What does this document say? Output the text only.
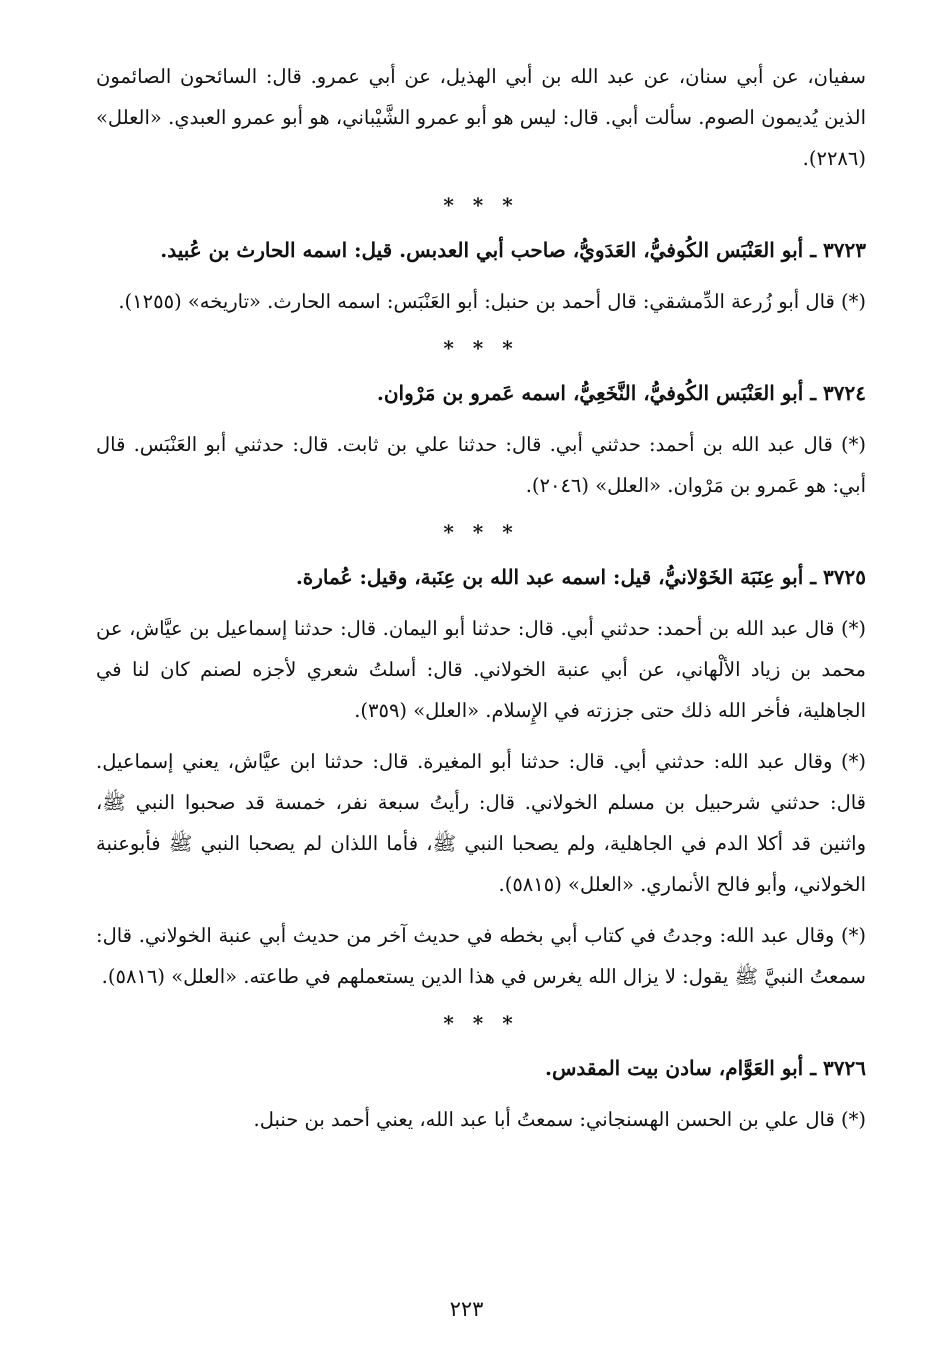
سفيان، عن أبي سنان، عن عبد الله بن أبي الهذيل، عن أبي عمرو. قال: السائحون الصائمون الذين يُديمون الصوم. سألت أبي. قال: ليس هو أبو عمرو الشَّيْباني، هو أبو عمرو العبدي. «العلل» (٢٢٨٦).

* * *

٣٧٢٣ ـ أبو العَنْبَس الكُوفيُّ، العَدَويُّ، صاحب أبي العدبس. قيل: اسمه الحارث بن عُبيد.

(*) قال أبو زُرعة الدِّمشقي: قال أحمد بن حنبل: أبو العَنْبَس: اسمه الحارث. «تاريخه» (١٢٥٥).

* * *

٣٧٢٤ ـ أبو العَنْبَس الكُوفيُّ، النَّخَعِيُّ، اسمه عَمرو بن مَرْوان.

(*) قال عبد الله بن أحمد: حدثني أبي. قال: حدثنا علي بن ثابت. قال: حدثني أبو العَنْبَس. قال أبي: هو عَمرو بن مَرْوان. «العلل» (٢٠٤٦).

* * *

٣٧٢٥ ـ أبو عِنَبَة الخَوْلانيُّ، قيل: اسمه عبد الله بن عِنَبة، وقيل: عُمارة.

(*) قال عبد الله بن أحمد: حدثني أبي. قال: حدثنا أبو اليمان. قال: حدثنا إسماعيل بن عيَّاش، عن محمد بن زياد الألْهاني، عن أبي عنبة الخولاني. قال: أسلتُ شعري لأجزه لصنم كان لنا في الجاهلية، فأخر الله ذلك حتى جززته في الإِسلام. «العلل» (٣٥٩).

(*) وقال عبد الله: حدثني أبي. قال: حدثنا أبو المغيرة. قال: حدثنا ابن عيَّاش، يعني إسماعيل. قال: حدثني شرحبيل بن مسلم الخولاني. قال: رأيتُ سبعة نفر، خمسة قد صحبوا النبي ﷺ، واثنين قد أكلا الدم في الجاهلية، ولم يصحبا النبي ﷺ، فأما اللذان لم يصحبا النبي ﷺ فأبوعنبة الخولاني، وأبو فالح الأنماري. «العلل» (٥٨١٥).

(*) وقال عبد الله: وجدتُ في كتاب أبي بخطه في حديث آخر من حديث أبي عنبة الخولاني. قال: سمعتُ النبيَّ ﷺ يقول: لا يزال الله يغرس في هذا الدين يستعملهم في طاعته. «العلل» (٥٨١٦).

* * *

٣٧٢٦ ـ أبو العَوَّام، سادن بيت المقدس.

(*) قال علي بن الحسن الهسنجاني: سمعتُ أبا عبد الله، يعني أحمد بن حنبل.

٢٢٣
